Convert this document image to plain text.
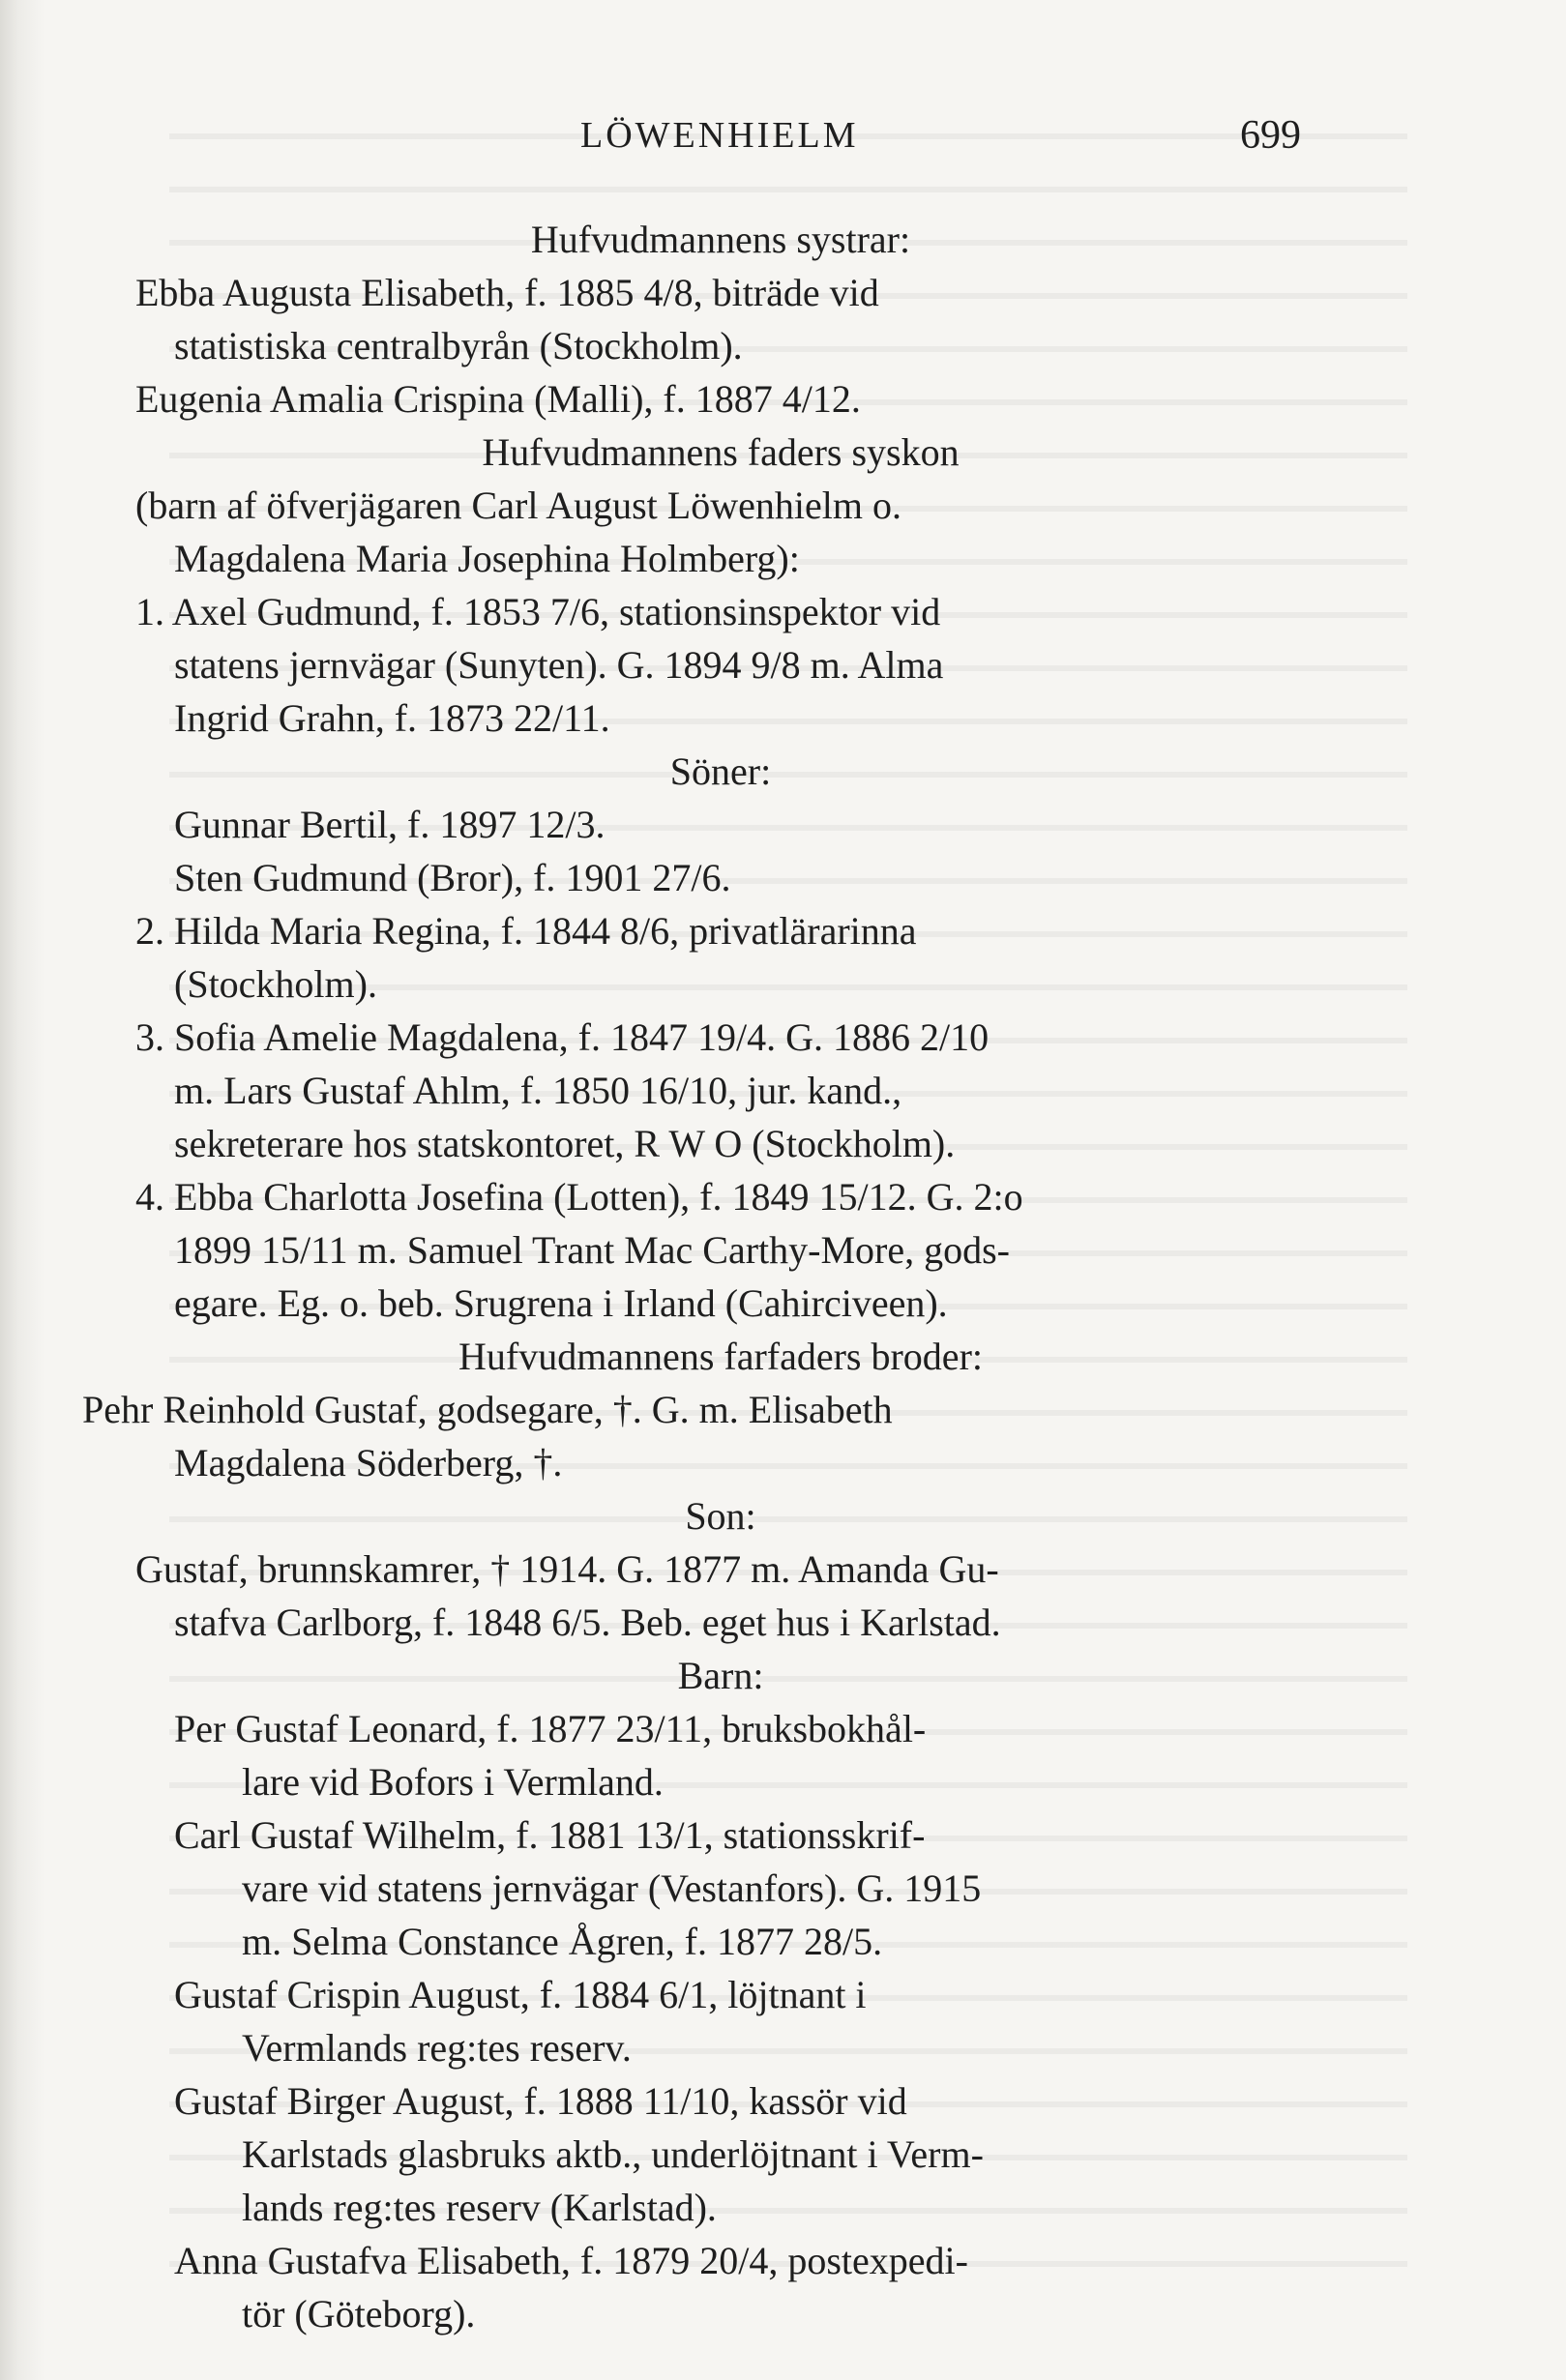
LÖWENHIELM	699
Hufvudmannens systrar:
Ebba Augusta Elisabeth, f. 1885 4/8, biträde vid
statistiska centralbyrån (Stockholm).
Eugenia Amalia Crispina (Malli), f. 1887 4/12.
Hufvudmannens faders syskon
(barn af öfverjägaren Carl August Löwenhielm o.
Magdalena Maria Josephina Holmberg):
1. Axel Gudmund, f. 1853 7/6, stationsinspektor vid
statens jernvägar (Sunyten). G. 1894 9/8 m. Alma
Ingrid Grahn, f. 1873 22/11.
Söner:
Gunnar Bertil, f. 1897 12/3.
Sten Gudmund (Bror), f. 1901 27/6.
2. Hilda Maria Regina, f. 1844 8/6, privatlärarinna
(Stockholm).
3. Sofia Amelie Magdalena, f. 1847 19/4. G. 1886 2/10
m. Lars Gustaf Ahlm, f. 1850 16/10, jur. kand.,
sekreterare hos statskontoret, R W O (Stockholm).
4. Ebba Charlotta Josefina (Lotten), f. 1849 15/12. G. 2:o
1899 15/11 m. Samuel Trant Mac Carthy-More, gods-
egare. Eg. o. beb. Srugrena i Irland (Cahirciveen).
Hufvudmannens farfaders broder:
Pehr Reinhold Gustaf, godsegare, †. G. m. Elisabeth
Magdalena Söderberg, †.
Son:
Gustaf, brunnskamrer, † 1914. G. 1877 m. Amanda Gu-
stafva Carlborg, f. 1848 6/5. Beb. eget hus i Karlstad.
Barn:
Per Gustaf Leonard, f. 1877 23/11, bruksbokhål-
lare vid Bofors i Vermland.
Carl Gustaf Wilhelm, f. 1881 13/1, stationsskrif-
vare vid statens jernvägar (Vestanfors). G. 1915
m. Selma Constance Ågren, f. 1877 28/5.
Gustaf Crispin August, f. 1884 6/1, löjtnant i
Vermlands reg:tes reserv.
Gustaf Birger August, f. 1888 11/10, kassör vid
Karlstads glasbruks aktb., underlöjtnant i Verm-
lands reg:tes reserv (Karlstad).
Anna Gustafva Elisabeth, f. 1879 20/4, postexpedi-
tör (Göteborg).
